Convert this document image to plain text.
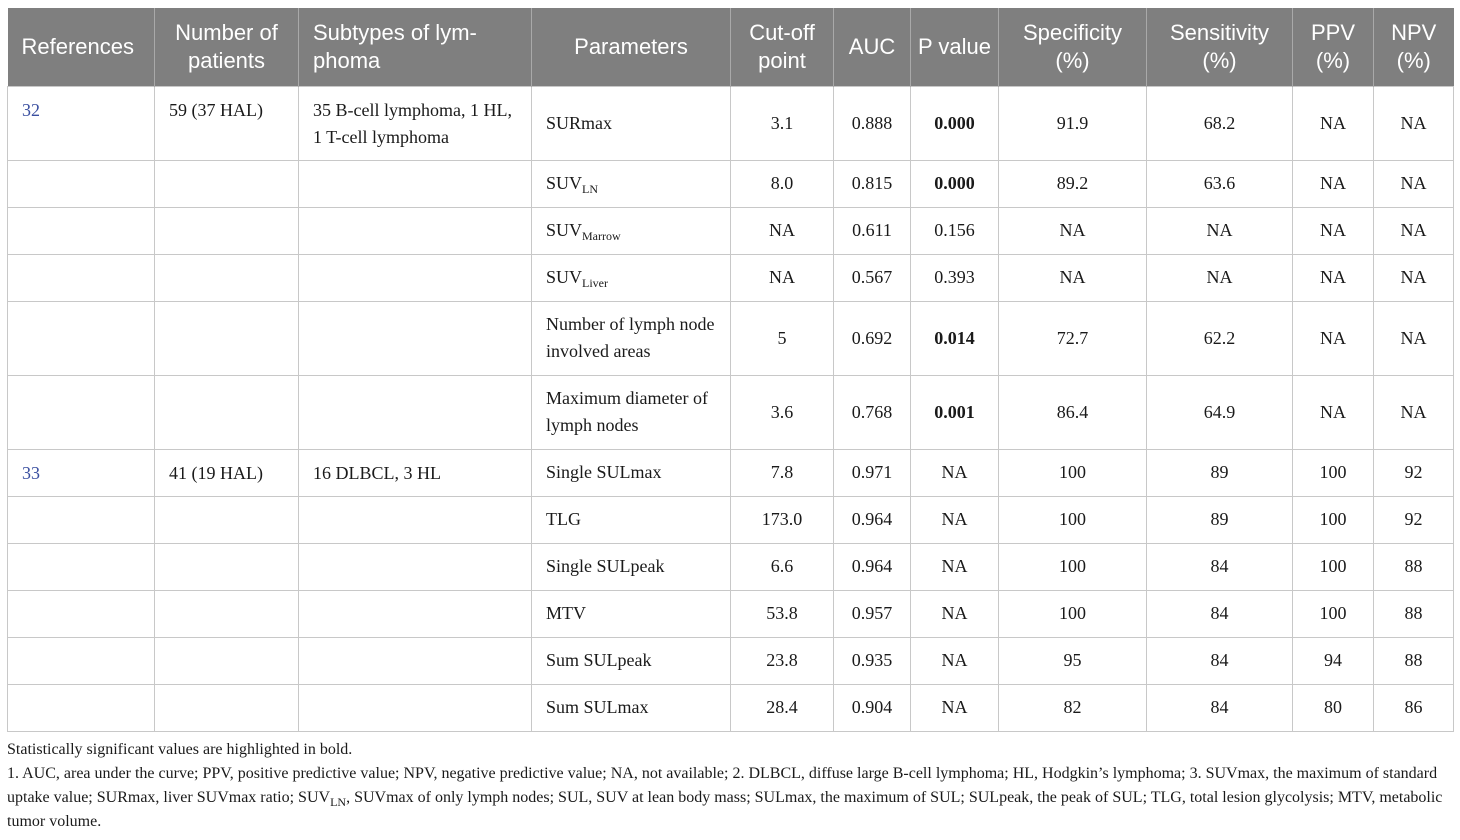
References	Number of patients	Subtypes of lym-phoma	Parameters	Cut-off point	AUC	P value	Specificity (%)	Sensitivity (%)	PPV (%)	NPV (%)
32	59 (37 HAL)	35 B-cell lymphoma, 1 HL, 1 T-cell lymphoma	SURmax	3.1	0.888	0.000	91.9	68.2	NA	NA
			$SUV_{LN}$	8.0	0.815	0.000	89.2	63.6	NA	NA
			$SUV_{Marrow}$	NA	0.611	0.156	NA	NA	NA	NA
			$SUV_{Liver}$	NA	0.567	0.393	NA	NA	NA	NA
			Number of lymph node involved areas	5	0.692	0.014	72.7	62.2	NA	NA
			Maximum diameter of lymph nodes	3.6	0.768	0.001	86.4	64.9	NA	NA
33	41 (19 HAL)	16 DLBCL, 3 HL	Single SULmax	7.8	0.971	NA	100	89	100	92
			TLG	173.0	0.964	NA	100	89	100	92
			Single SULpeak	6.6	0.964	NA	100	84	100	88
			MTV	53.8	0.957	NA	100	84	100	88
			Sum SULpeak	23.8	0.935	NA	95	84	94	88
			Sum SULmax	28.4	0.904	NA	82	84	80	86

Statistically significant values are highlighted in bold.

1. AUC, area under the curve; PPV, positive predictive value; NPV, negative predictive value; NA, not available; 2. DLBCL, diffuse large B-cell lymphoma; HL, Hodgkin’s lymphoma; 3. SUVmax, the maximum of standard uptake value; SURmax, liver SUVmax ratio; $SUV_{LN}$, SUVmax of only lymph nodes; SUL, SUV at lean body mass; SULmax, the maximum of SUL; SULpeak, the peak of SUL; TLG, total lesion glycolysis; MTV, metabolic tumor volume.
